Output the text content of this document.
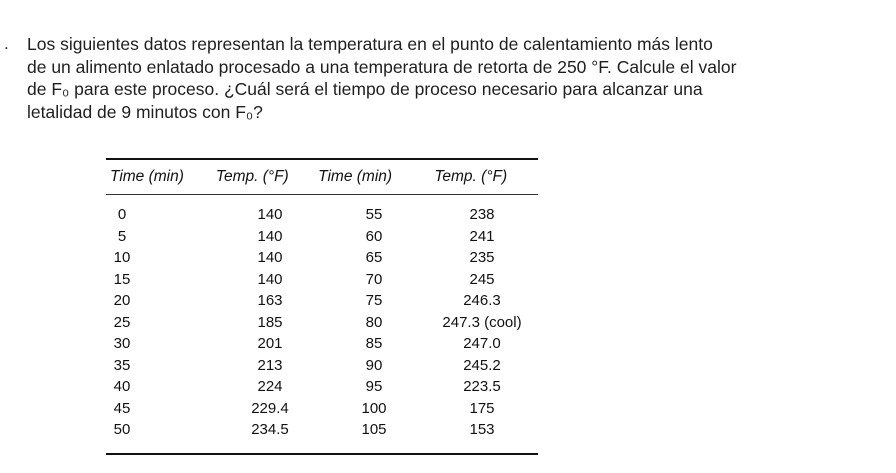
. Los siguientes datos representan la temperatura en el punto de calentamiento más lento

de un alimento enlatado procesado a una temperatura de retorta de 250 °F. Calcule el valor

de F₀ para este proceso. ¿Cuál será el tiempo de proceso necesario para alcanzar una

letalidad de 9 minutos con F₀?

Time (min)	Temp. (°F)	Time (min)	Temp. (°F)
0	140	55	238
5	140	60	241
10	140	65	235
15	140	70	245
20	163	75	246.3
25	185	80	247.3 (cool)
30	201	85	247.0
35	213	90	245.2
40	224	95	223.5
45	229.4	100	175
50	234.5	105	153
